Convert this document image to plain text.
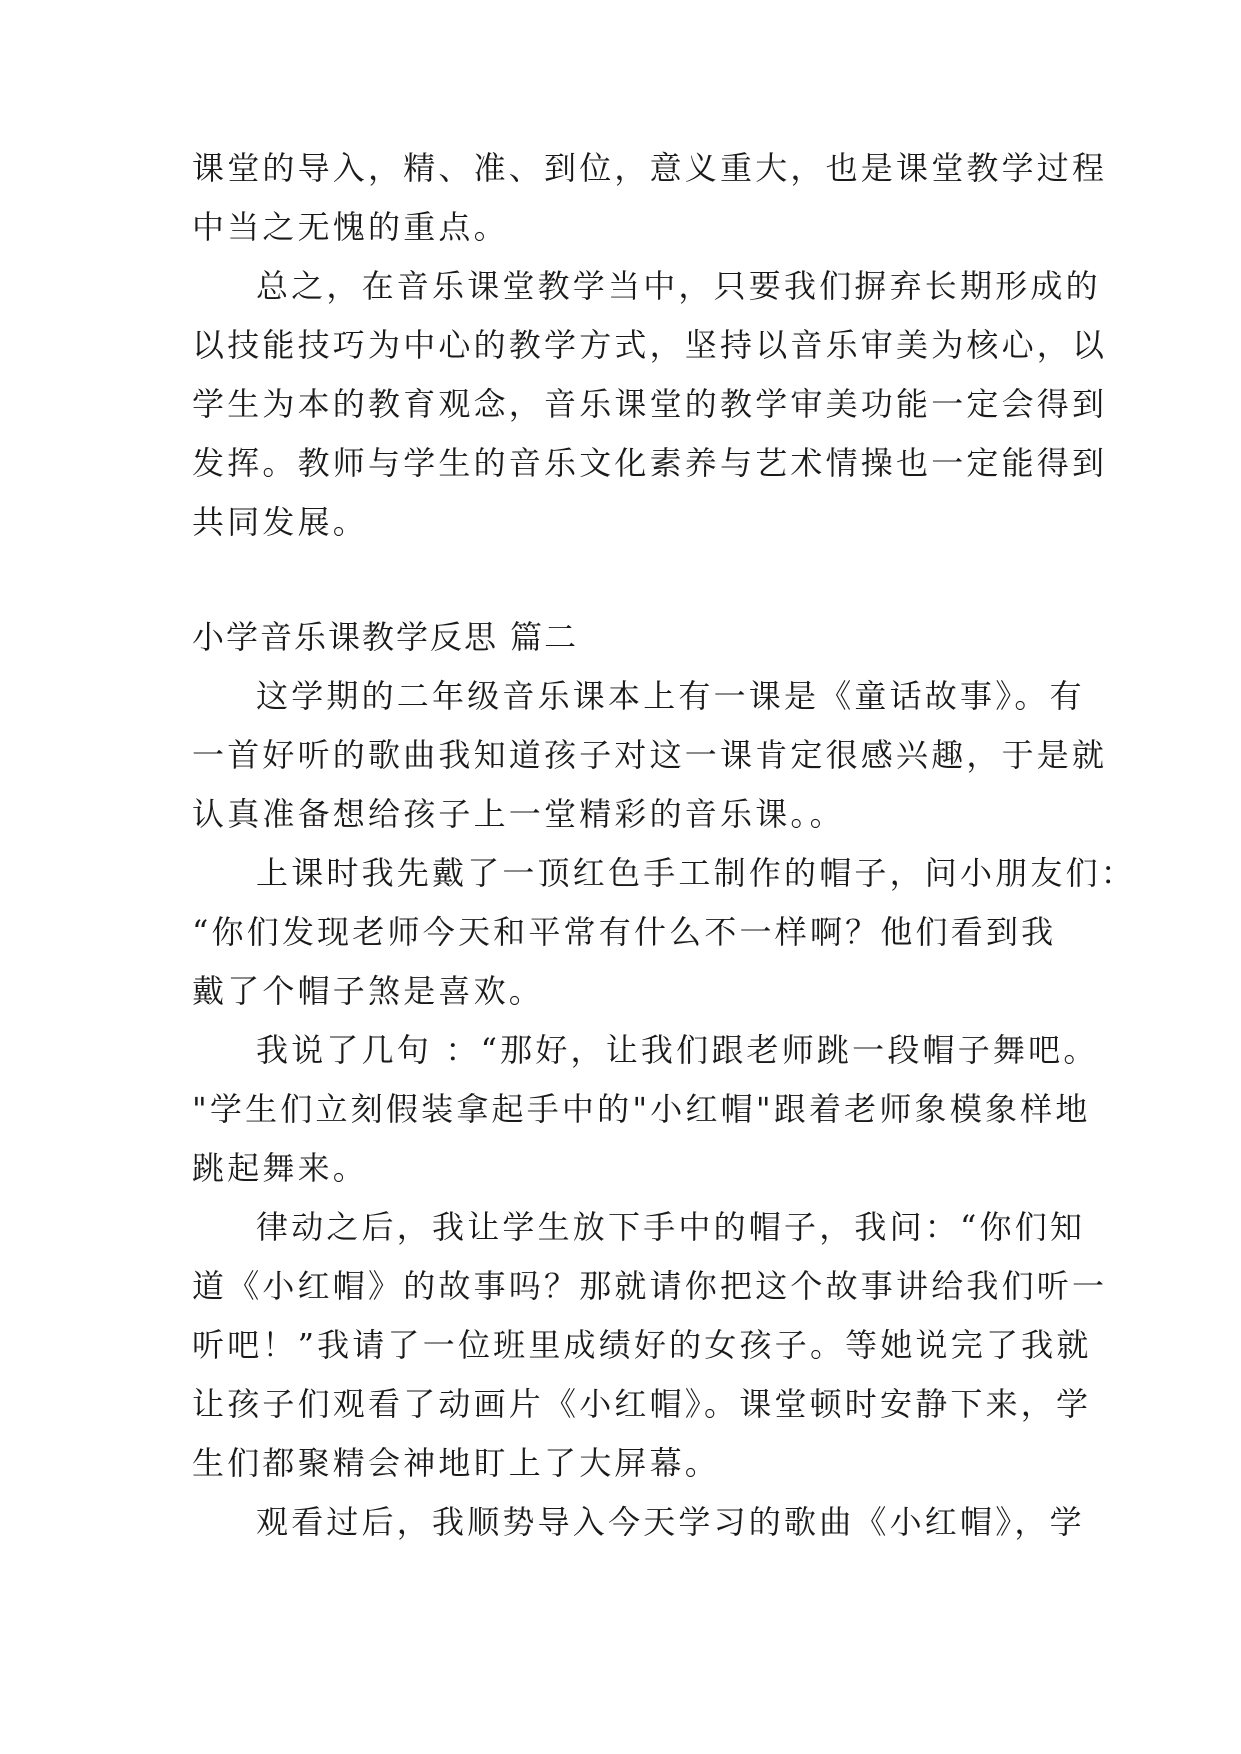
课堂的导入，精、准、到位，意义重大，也是课堂教学过程
中当之无愧的重点。
总之，在音乐课堂教学当中，只要我们摒弃长期形成的
以技能技巧为中心的教学方式，坚持以音乐审美为核心，以
学生为本的教育观念，音乐课堂的教学审美功能一定会得到
发挥。教师与学生的音乐文化素养与艺术情操也一定能得到
共同发展。
小学音乐课教学反思 篇二
这学期的二年级音乐课本上有一课是《童话故事》。有
一首好听的歌曲我知道孩子对这一课肯定很感兴趣，于是就
认真准备想给孩子上一堂精彩的音乐课。。
上课时我先戴了一顶红色手工制作的帽子，问小朋友们：
“你们发现老师今天和平常有什么不一样啊？他们看到我
戴了个帽子煞是喜欢。
我说了几句 ：“那好，让我们跟老师跳一段帽子舞吧。
"学生们立刻假装拿起手中的"小红帽"跟着老师象模象样地
跳起舞来。
律动之后，我让学生放下手中的帽子，我问：“你们知
道《小红帽》的故事吗？那就请你把这个故事讲给我们听一
听吧！”我请了一位班里成绩好的女孩子。等她说完了我就
让孩子们观看了动画片《小红帽》。课堂顿时安静下来，学
生们都聚精会神地盯上了大屏幕。
观看过后，我顺势导入今天学习的歌曲《小红帽》，学
